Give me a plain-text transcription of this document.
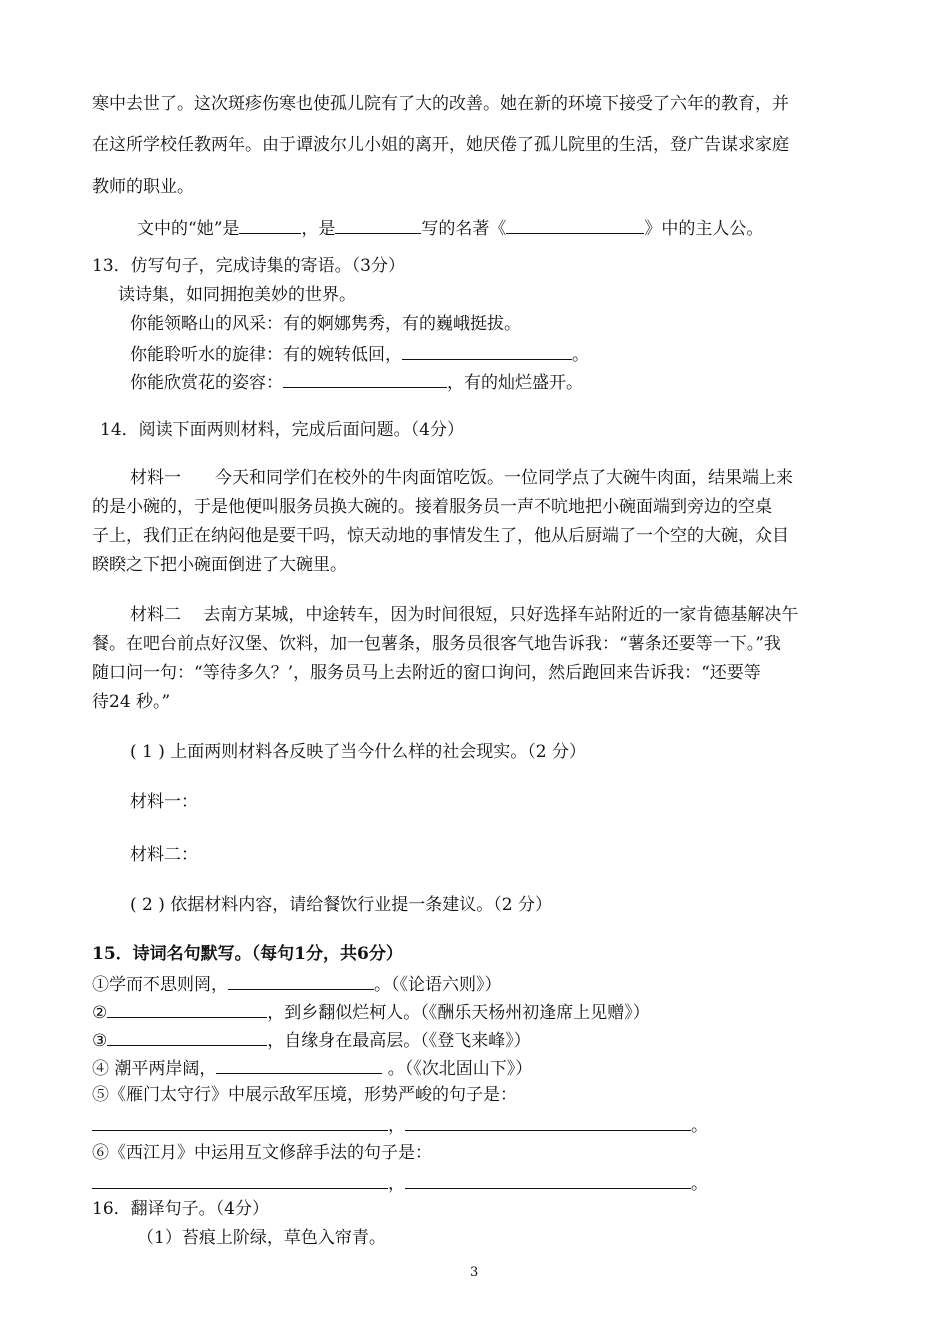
寒中去世了。这次斑疹伤寒也使孤儿院有了大的改善。她在新的环境下接受了六年的教育，并
在这所学校任教两年。由于谭波尔儿小姐的离开，她厌倦了孤儿院里的生活，登广告谋求家庭
教师的职业。
文中的“她”是	，是	写的名著《	》中的主人公。
13．仿写句子，完成诗集的寄语。（3分）
读诗集，如同拥抱美妙的世界。
你能领略山的风采：有的婀娜隽秀，有的巍峨挺拔。
你能聆听水的旋律：有的婉转低回，	。
你能欣赏花的姿容：	，有的灿烂盛开。
14．阅读下面两则材料，完成后面问题。（4分）
材料一　　今天和同学们在校外的牛肉面馆吃饭。一位同学点了大碗牛肉面，结果端上来
的是小碗的，于是他便叫服务员换大碗的。接着服务员一声不吭地把小碗面端到旁边的空桌
子上，我们正在纳闷他是要干吗，惊天动地的事情发生了，他从后厨端了一个空的大碗，众目
睽睽之下把小碗面倒进了大碗里。
材料二　 去南方某城，中途转车，因为时间很短，只好选择车站附近的一家肯德基解决午
餐。在吧台前点好汉堡、饮料，加一包薯条，服务员很客气地告诉我：“薯条还要等一下。”我
随口问一句：“等待多久？’，服务员马上去附近的窗口询问，然后跑回来告诉我：“还要等
待24 秒。”
( 1 ) 上面两则材料各反映了当今什么样的社会现实。（2 分）
材料一：
材料二：
( 2 ) 依据材料内容，请给餐饮行业提一条建议。（2 分）
15．诗词名句默写。（每句1分，共6分）
①学而不思则罔，	。（《论语六则》）
②	，到乡翻似烂柯人。（《酬乐天杨州初逢席上见赠》）
③	，自缘身在最高层。（《登飞来峰》）
④ 潮平两岸阔，	。（《次北固山下》）
⑤《雁门太守行》中展示敌军压境，形势严峻的句子是：
，	。
⑥《西江月》中运用互文修辞手法的句子是：
，	。
16．翻译句子。（4分）
（1）苔痕上阶绿，草色入帘青。
3
